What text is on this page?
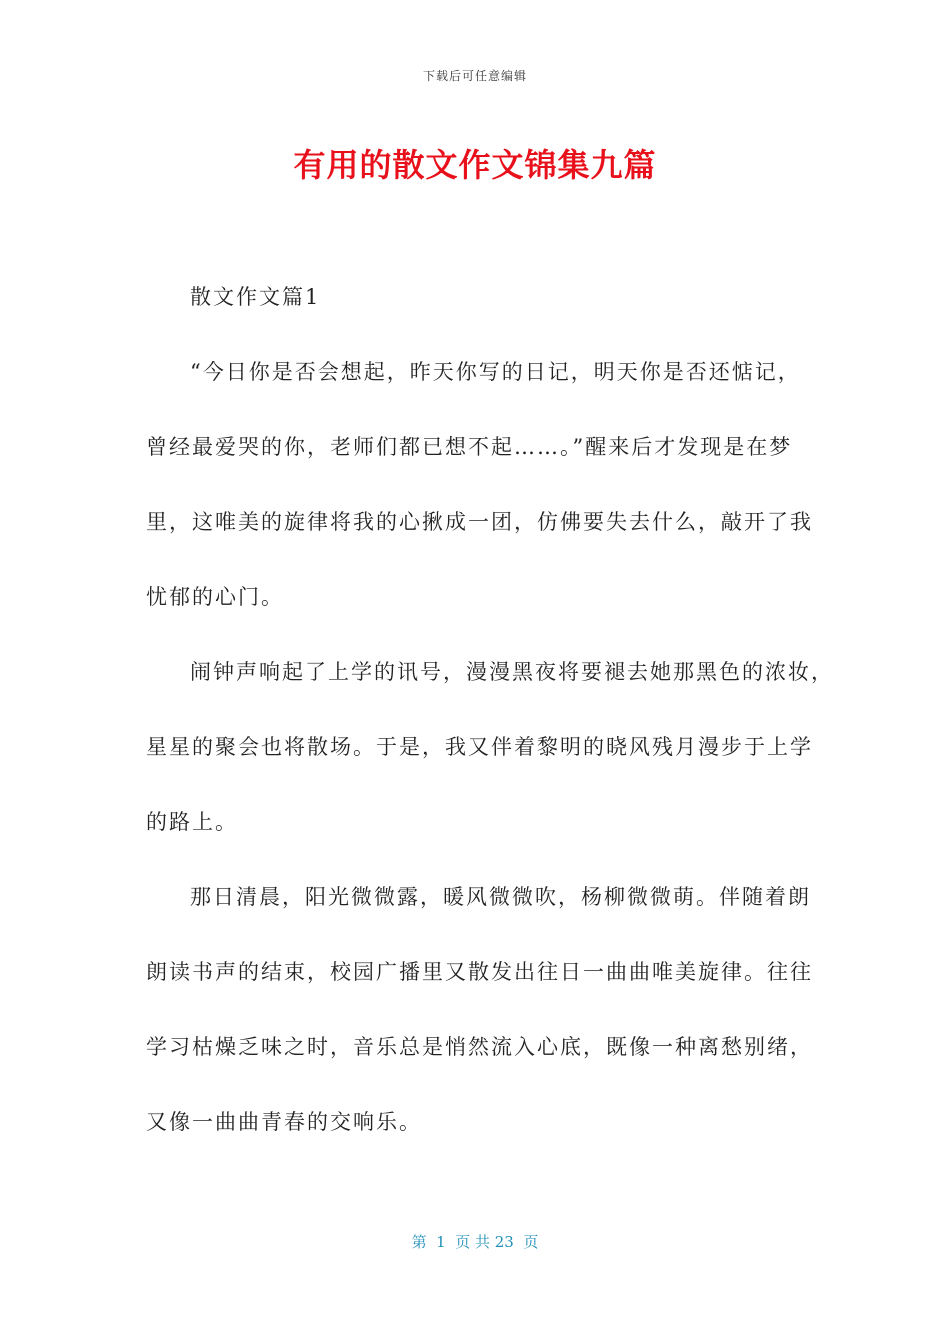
下载后可任意编辑
有用的散文作文锦集九篇
散文作文篇1
“今日你是否会想起，昨天你写的日记，明天你是否还惦记，
曾经最爱哭的你，老师们都已想不起……。”醒来后才发现是在梦
里，这唯美的旋律将我的心揪成一团，仿佛要失去什么，敲开了我
忧郁的心门。
闹钟声响起了上学的讯号，漫漫黑夜将要褪去她那黑色的浓妆，
星星的聚会也将散场。于是，我又伴着黎明的晓风残月漫步于上学
的路上。
那日清晨，阳光微微露，暖风微微吹，杨柳微微萌。伴随着朗
朗读书声的结束，校园广播里又散发出往日一曲曲唯美旋律。往往
学习枯燥乏味之时，音乐总是悄然流入心底，既像一种离愁别绪，
又像一曲曲青春的交响乐。
第  1  页 共 23  页
